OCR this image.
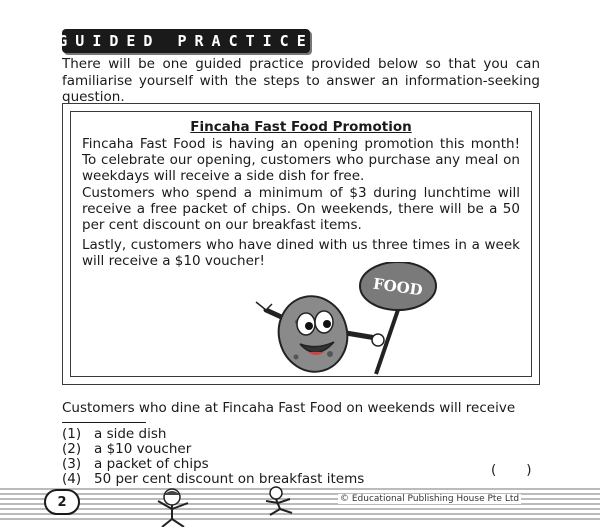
GUIDED PRACTICE
There will be one guided practice provided below so that you can familiarise yourself with the steps to answer an information-seeking question.
Fincaha Fast Food Promotion
Fincaha Fast Food is having an opening promotion this month! To celebrate our opening, customers who purchase any meal on weekdays will receive a side dish for free.
Customers who spend a minimum of $3 during lunchtime will receive a free packet of chips. On weekends, there will be a 50 per cent discount on our breakfast items.
Lastly, customers who have dined with us three times in a week will receive a $10 voucher!
FOOD
Customers who dine at Fincaha Fast Food on weekends will receive
(1) a side dish
(2) a $10 voucher
(3) a packet of chips
(4) 50 per cent discount on breakfast items
(       )
2	© Educational Publishing House Pte Ltd
